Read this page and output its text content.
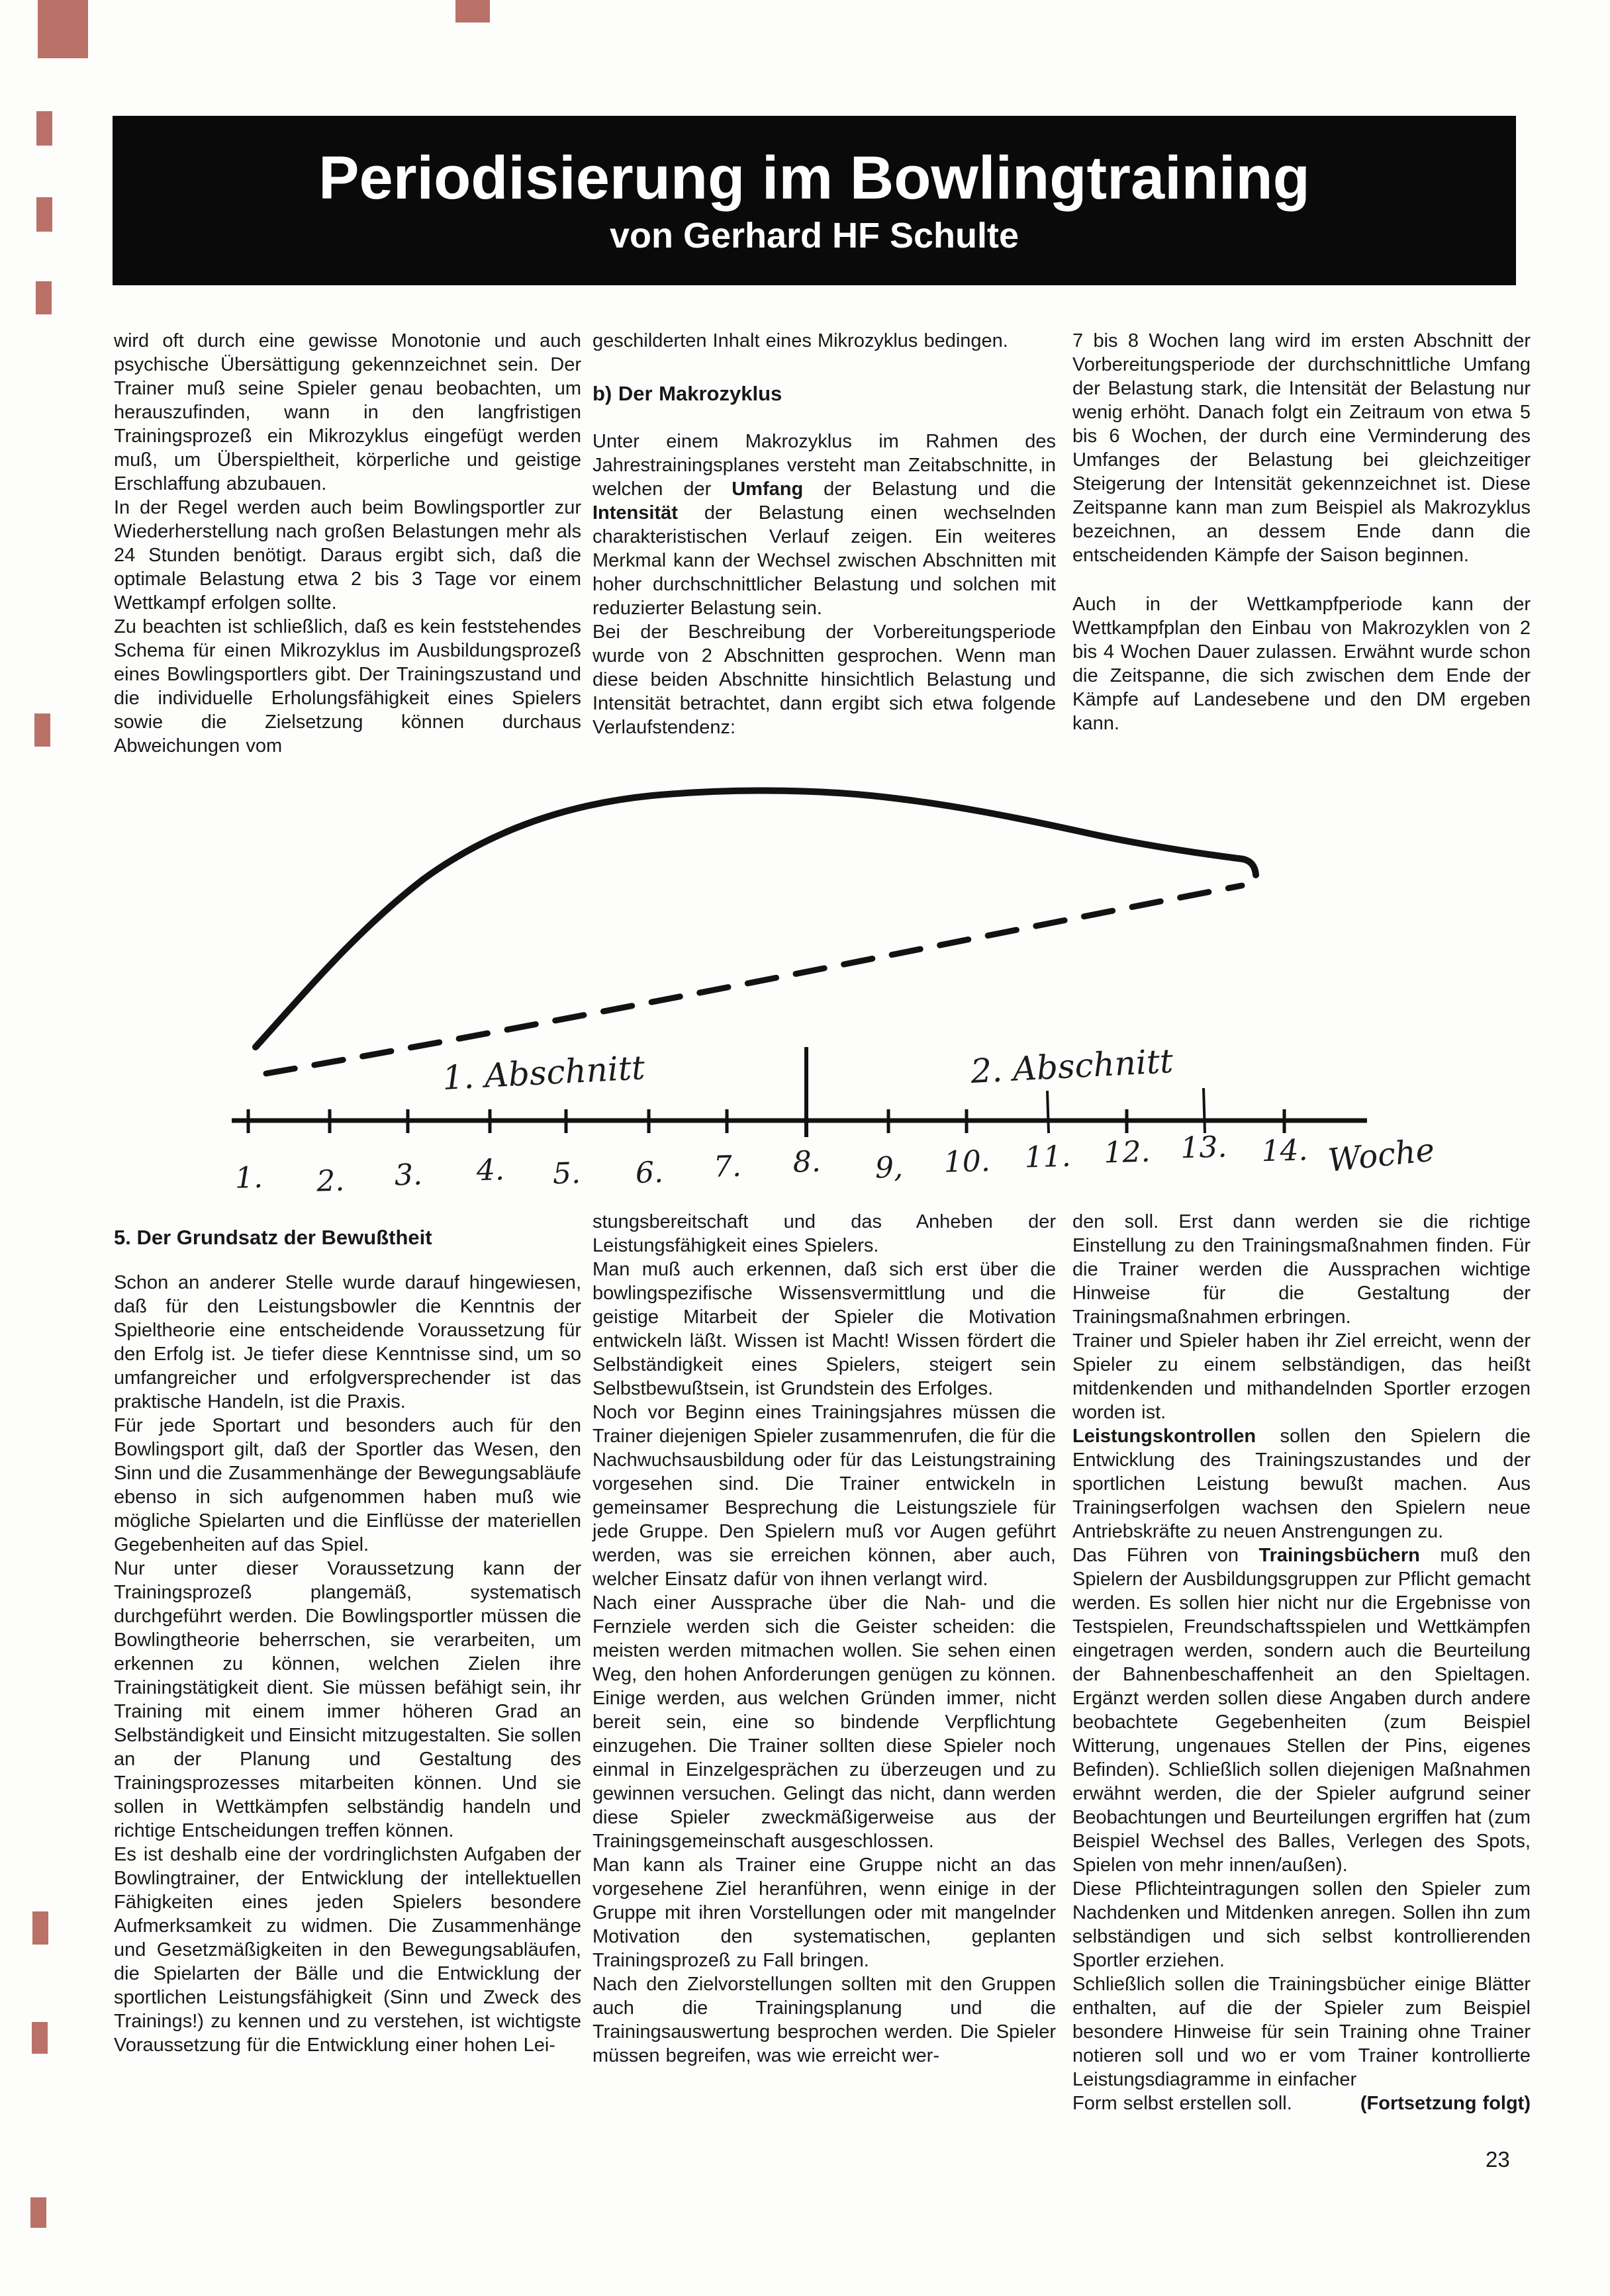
Periodisierung im Bowlingtraining
von Gerhard HF Schulte

wird oft durch eine gewisse Monotonie und auch psychische Übersättigung gekennzeichnet sein. Der Trainer muß seine Spieler genau beobachten, um herauszufinden, wann in den langfristigen Trainingsprozeß ein Mikrozyklus eingefügt werden muß, um Überspieltheit, körperliche und geistige Erschlaffung abzubauen.

In der Regel werden auch beim Bowlingsportler zur Wiederherstellung nach großen Belastungen mehr als 24 Stunden benötigt. Daraus ergibt sich, daß die optimale Belastung etwa 2 bis 3 Tage vor einem Wettkampf erfolgen sollte.

Zu beachten ist schließlich, daß es kein feststehendes Schema für einen Mikrozyklus im Ausbildungsprozeß eines Bowlingsportlers gibt. Der Trainingszustand und die individuelle Erholungsfähigkeit eines Spielers sowie die Zielsetzung können durchaus Abweichungen vom

geschilderten Inhalt eines Mikrozyklus bedingen.

b) Der Makrozyklus

Unter einem Makrozyklus im Rahmen des Jahrestrainingsplanes versteht man Zeitabschnitte, in welchen der Umfang der Belastung und die Intensität der Belastung einen wechselnden charakteristischen Verlauf zeigen. Ein weiteres Merkmal kann der Wechsel zwischen Abschnitten mit hoher durchschnittlicher Belastung und solchen mit reduzierter Belastung sein.

Bei der Beschreibung der Vorbereitungsperiode wurde von 2 Abschnitten gesprochen. Wenn man diese beiden Abschnitte hinsichtlich Belastung und Intensität betrachtet, dann ergibt sich etwa folgende Verlaufstendenz:

7 bis 8 Wochen lang wird im ersten Abschnitt der Vorbereitungsperiode der durchschnittliche Umfang der Belastung stark, die Intensität der Belastung nur wenig erhöht. Danach folgt ein Zeitraum von etwa 5 bis 6 Wochen, der durch eine Verminderung des Umfanges der Belastung bei gleichzeitiger Steigerung der Intensität gekennzeichnet ist. Diese Zeitspanne kann man zum Beispiel als Makrozyklus bezeichnen, an dessem Ende dann die entscheidenden Kämpfe der Saison beginnen.

Auch in der Wettkampfperiode kann der Wettkampfplan den Einbau von Makrozyklen von 2 bis 4 Wochen Dauer zulassen. Erwähnt wurde schon die Zeitspanne, die sich zwischen dem Ende der Kämpfe auf Landesebene und den DM ergeben kann.

1. Abschnitt	2. Abschnitt
1. 2. 3. 4. 5. 6. 7. 8. 9, 10. 11. 12. 13. 14. Woche
5. Der Grundsatz der Bewußtheit

Schon an anderer Stelle wurde darauf hingewiesen, daß für den Leistungsbowler die Kenntnis der Spieltheorie eine entscheidende Voraussetzung für den Erfolg ist. Je tiefer diese Kenntnisse sind, um so umfangreicher und erfolgversprechender ist das praktische Handeln, ist die Praxis.

Für jede Sportart und besonders auch für den Bowlingsport gilt, daß der Sportler das Wesen, den Sinn und die Zusammenhänge der Bewegungsabläufe ebenso in sich aufgenommen haben muß wie mögliche Spielarten und die Einflüsse der materiellen Gegebenheiten auf das Spiel.

Nur unter dieser Voraussetzung kann der Trainingsprozeß plangemäß, systematisch durchgeführt werden. Die Bowlingsportler müssen die Bowlingtheorie beherrschen, sie verarbeiten, um erkennen zu können, welchen Zielen ihre Trainingstätigkeit dient. Sie müssen befähigt sein, ihr Training mit einem immer höheren Grad an Selbständigkeit und Einsicht mitzugestalten. Sie sollen an der Planung und Gestaltung des Trainingsprozesses mitarbeiten können. Und sie sollen in Wettkämpfen selbständig handeln und richtige Entscheidungen treffen können.

Es ist deshalb eine der vordringlichsten Aufgaben der Bowlingtrainer, der Entwicklung der intellektuellen Fähigkeiten eines jeden Spielers besondere Aufmerksamkeit zu widmen. Die Zusammenhänge und Gesetzmäßigkeiten in den Bewegungsabläufen, die Spielarten der Bälle und die Entwicklung der sportlichen Leistungsfähigkeit (Sinn und Zweck des Trainings!) zu kennen und zu verstehen, ist wichtigste Voraussetzung für die Entwicklung einer hohen Lei-

stungsbereitschaft und das Anheben der Leistungsfähigkeit eines Spielers.

Man muß auch erkennen, daß sich erst über die bowlingspezifische Wissensvermittlung und die geistige Mitarbeit der Spieler die Motivation entwickeln läßt. Wissen ist Macht! Wissen fördert die Selbständigkeit eines Spielers, steigert sein Selbstbewußtsein, ist Grundstein des Erfolges.

Noch vor Beginn eines Trainingsjahres müssen die Trainer diejenigen Spieler zusammenrufen, die für die Nachwuchsausbildung oder für das Leistungstraining vorgesehen sind. Die Trainer entwickeln in gemeinsamer Besprechung die Leistungsziele für jede Gruppe. Den Spielern muß vor Augen geführt werden, was sie erreichen können, aber auch, welcher Einsatz dafür von ihnen verlangt wird.

Nach einer Aussprache über die Nah- und die Fernziele werden sich die Geister scheiden: die meisten werden mitmachen wollen. Sie sehen einen Weg, den hohen Anforderungen genügen zu können. Einige werden, aus welchen Gründen immer, nicht bereit sein, eine so bindende Verpflichtung einzugehen. Die Trainer sollten diese Spieler noch einmal in Einzelgesprächen zu überzeugen und zu gewinnen versuchen. Gelingt das nicht, dann werden diese Spieler zweckmäßigerweise aus der Trainingsgemeinschaft ausgeschlossen.

Man kann als Trainer eine Gruppe nicht an das vorgesehene Ziel heranführen, wenn einige in der Gruppe mit ihren Vorstellungen oder mit mangelnder Motivation den systematischen, geplanten Trainingsprozeß zu Fall bringen.

Nach den Zielvorstellungen sollten mit den Gruppen auch die Trainingsplanung und die Trainingsauswertung besprochen werden. Die Spieler müssen begreifen, was wie erreicht wer-

den soll. Erst dann werden sie die richtige Einstellung zu den Trainingsmaßnahmen finden. Für die Trainer werden die Aussprachen wichtige Hinweise für die Gestaltung der Trainingsmaßnahmen erbringen.

Trainer und Spieler haben ihr Ziel erreicht, wenn der Spieler zu einem selbständigen, das heißt mitdenkenden und mithandelnden Sportler erzogen worden ist.

Leistungskontrollen sollen den Spielern die Entwicklung des Trainingszustandes und der sportlichen Leistung bewußt machen. Aus Trainingserfolgen wachsen den Spielern neue Antriebskräfte zu neuen Anstrengungen zu.

Das Führen von Trainingsbüchern muß den Spielern der Ausbildungsgruppen zur Pflicht gemacht werden. Es sollen hier nicht nur die Ergebnisse von Testspielen, Freundschaftsspielen und Wettkämpfen eingetragen werden, sondern auch die Beurteilung der Bahnenbeschaffenheit an den Spieltagen. Ergänzt werden sollen diese Angaben durch andere beobachtete Gegebenheiten (zum Beispiel Witterung, ungenaues Stellen der Pins, eigenes Befinden). Schließlich sollen diejenigen Maßnahmen erwähnt werden, die der Spieler aufgrund seiner Beobachtungen und Beurteilungen ergriffen hat (zum Beispiel Wechsel des Balles, Verlegen des Spots, Spielen von mehr innen/außen).

Diese Pflichteintragungen sollen den Spieler zum Nachdenken und Mitdenken anregen. Sollen ihn zum selbständigen und sich selbst kontrollierenden Sportler erziehen.

Schließlich sollen die Trainingsbücher einige Blätter enthalten, auf die der Spieler zum Beispiel besondere Hinweise für sein Training ohne Trainer notieren soll und wo er vom Trainer kontrollierte Leistungsdiagramme in einfacher

Form selbst erstellen soll.	(Fortsetzung folgt)

23
